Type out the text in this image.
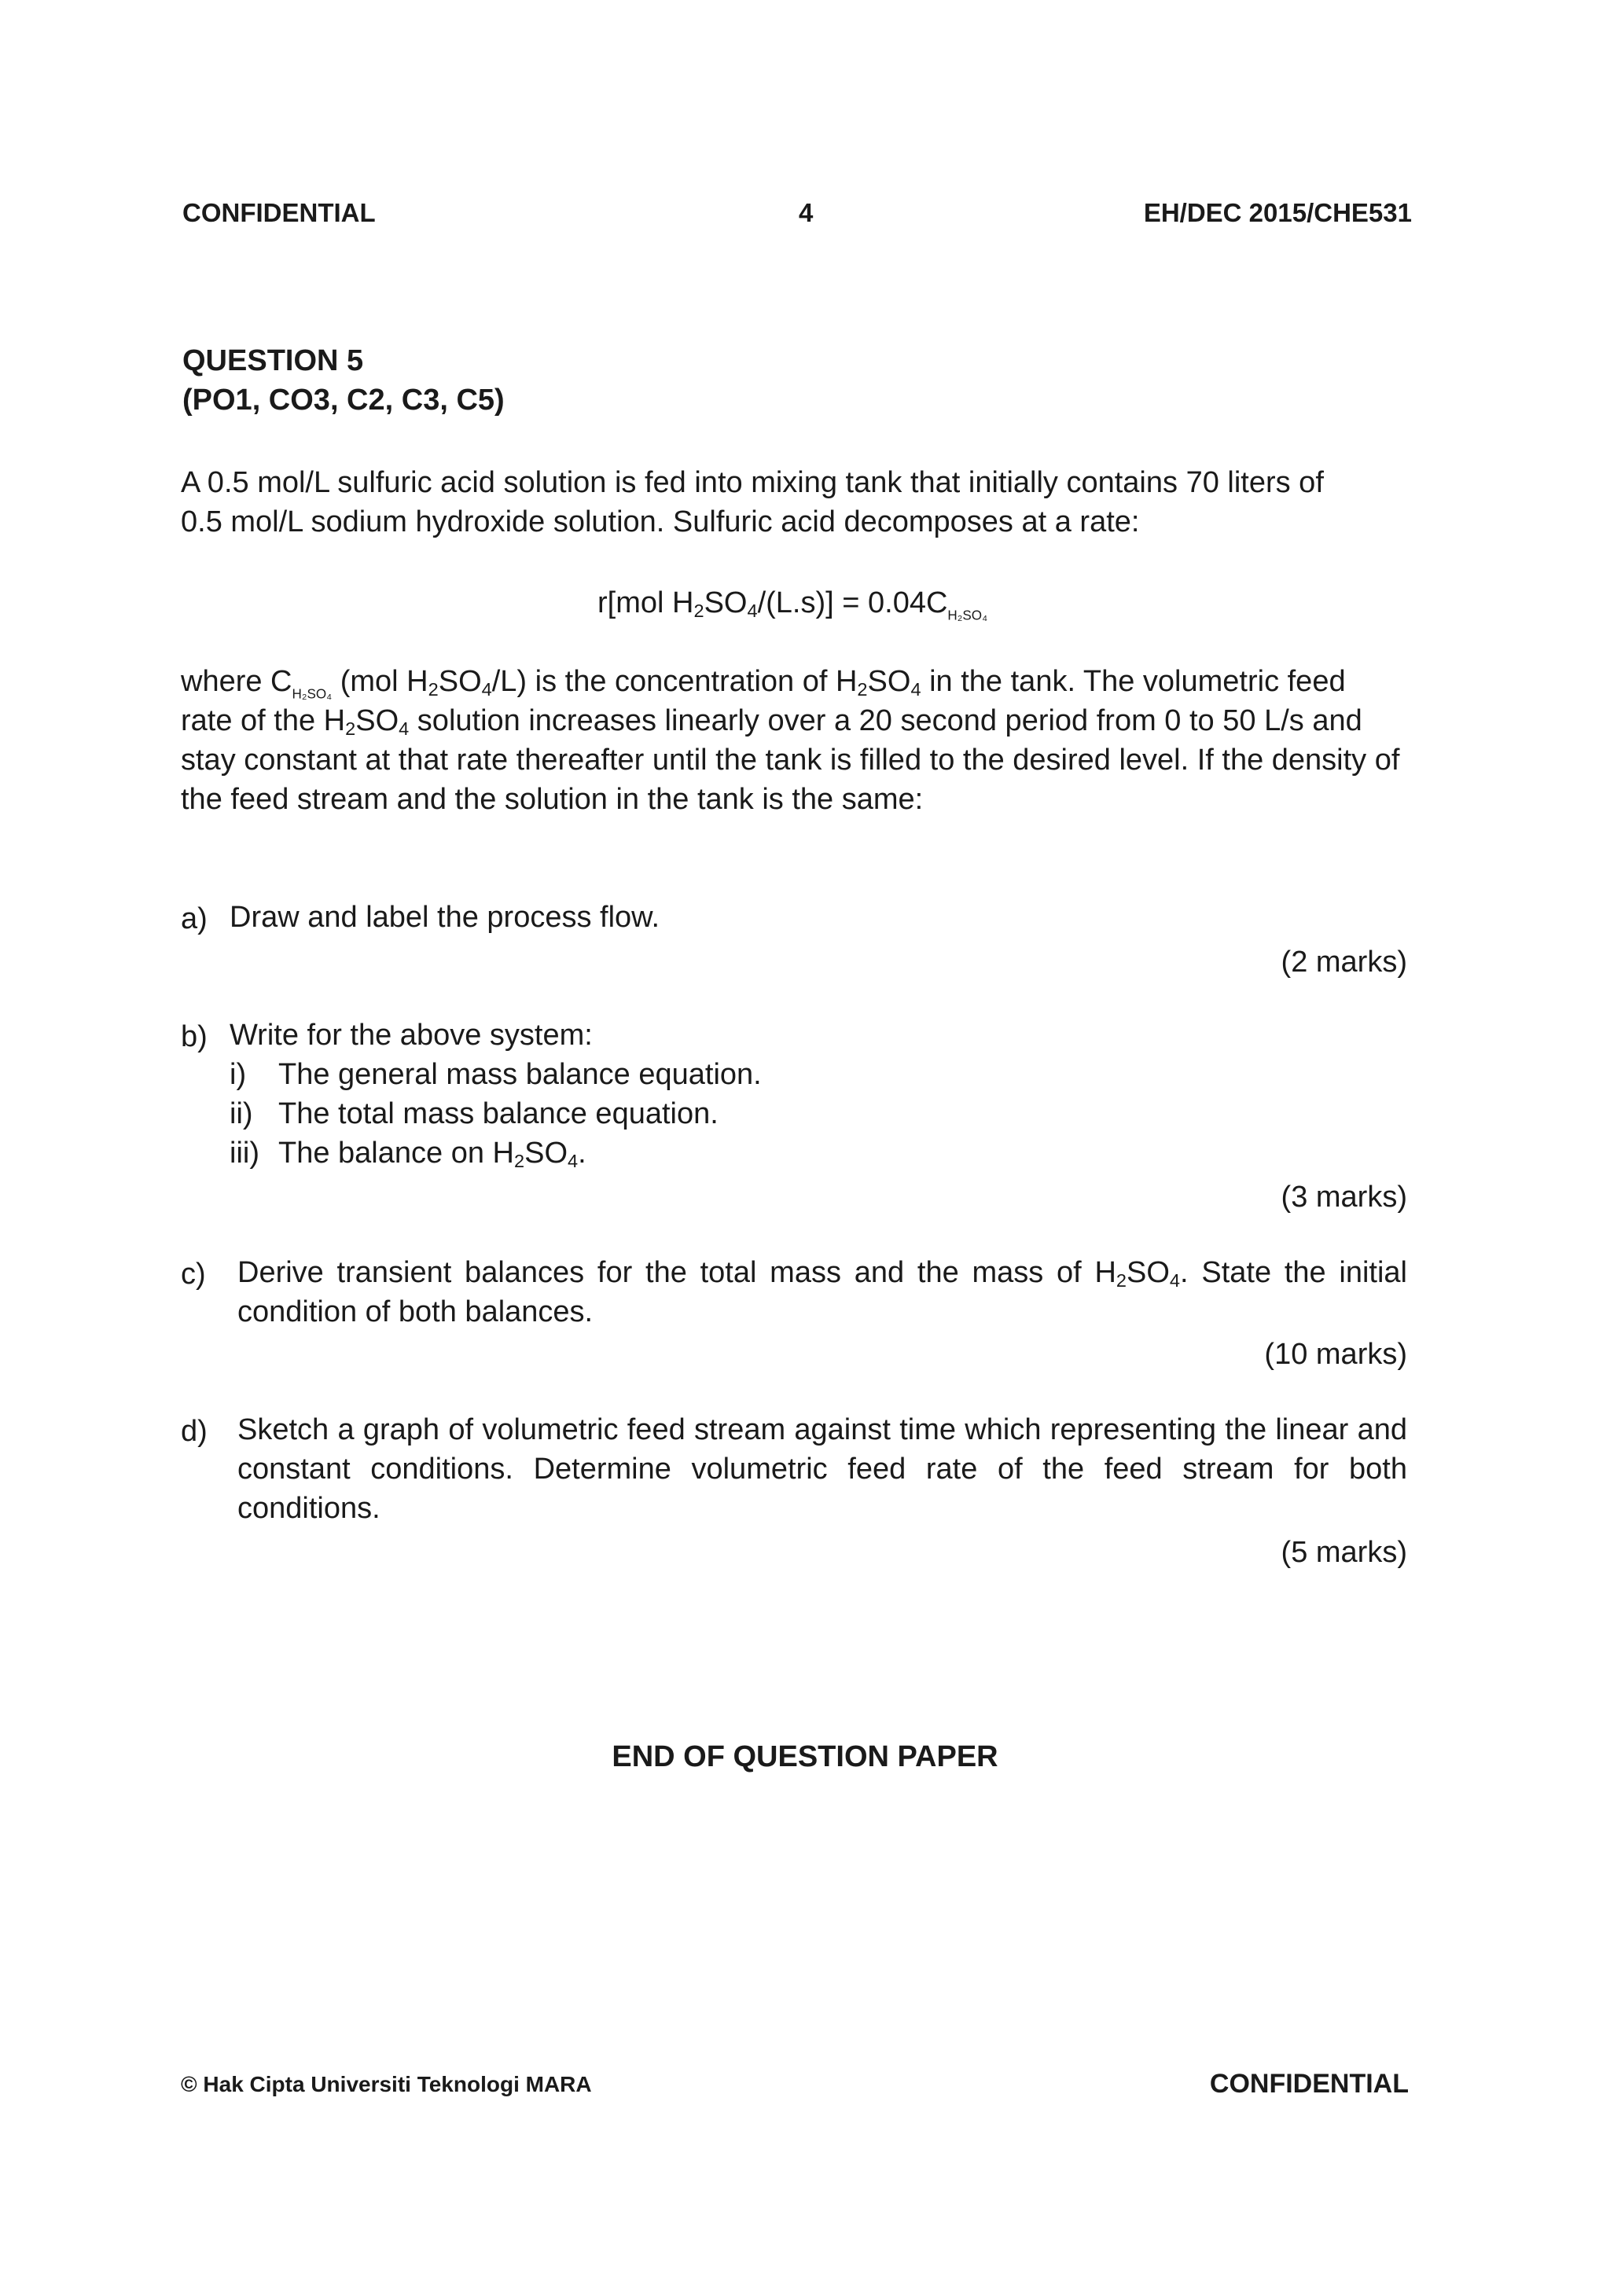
CONFIDENTIAL	4	EH/DEC 2015/CHE531
QUESTION 5
(PO1, CO3, C2, C3, C5)
A 0.5 mol/L sulfuric acid solution is fed into mixing tank that initially contains 70 liters of
0.5 mol/L sodium hydroxide solution. Sulfuric acid decomposes at a rate:
r[mol $H_2SO_4/(L.s)] = 0.04C_{H_2SO_4}$
where $C_{H_2SO_4}$ (mol $H_2SO_4/L$) is the concentration of $H_2SO_4$ in the tank. The volumetric feed
rate of the $H_2SO_4$ solution increases linearly over a 20 second period from 0 to 50 L/s and
stay constant at that rate thereafter until the tank is filled to the desired level. If the density of
the feed stream and the solution in the tank is the same:
a) Draw and label the process flow.
(2 marks)
b) Write for the above system:
i) The general mass balance equation.
ii) The total mass balance equation.
iii) The balance on $H_2SO_4$.
(3 marks)
c) Derive transient balances for the total mass and the mass of $H_2SO_4$. State the initial
condition of both balances.
(10 marks)
d) Sketch a graph of volumetric feed stream against time which representing the linear and
constant conditions. Determine volumetric feed rate of the feed stream for both
conditions.
(5 marks)
END OF QUESTION PAPER
© Hak Cipta Universiti Teknologi MARA	CONFIDENTIAL
